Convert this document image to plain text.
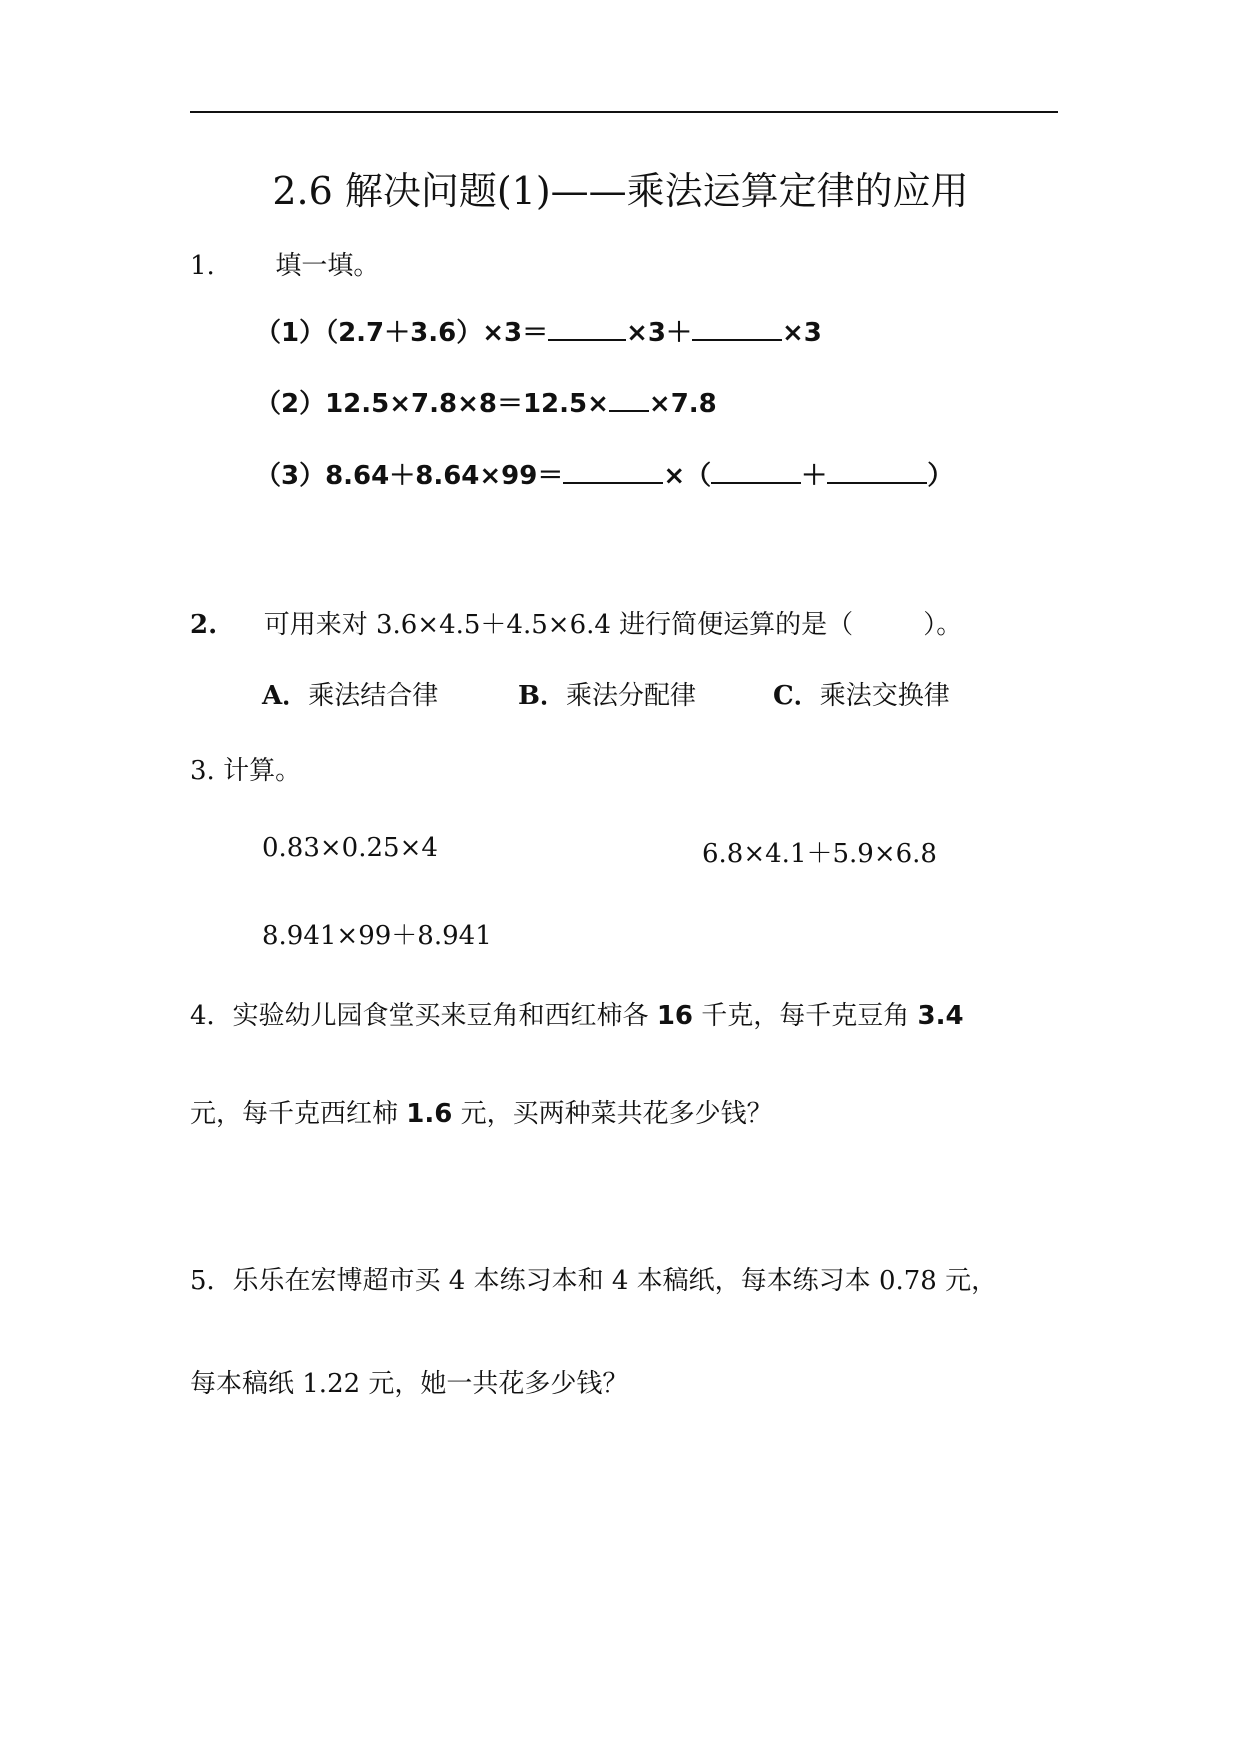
2.6 解决问题(1)——乘法运算定律的应用
1. 填一填。
（1）（2.7＋3.6）×3＝	×3＋	×3
（2）12.5×7.8×8＝12.5× ×7.8
（3）8.64＋8.64×99＝	×（	＋	）
2. 可用来对 3.6×4.5＋4.5×6.4 进行简便运算的是（	）。
A．乘法结合律	B．乘法分配律	C．乘法交换律
3. 计算。
0.83×0.25×4	6.8×4.1＋5.9×6.8
8.941×99＋8.941
4．实验幼儿园食堂买来豆角和西红柿各 16 千克，每千克豆角 3.4
元，每千克西红柿 1.6 元，买两种菜共花多少钱？
5．乐乐在宏博超市买 4 本练习本和 4 本稿纸，每本练习本 0.78 元，
每本稿纸 1.22 元，她一共花多少钱？
